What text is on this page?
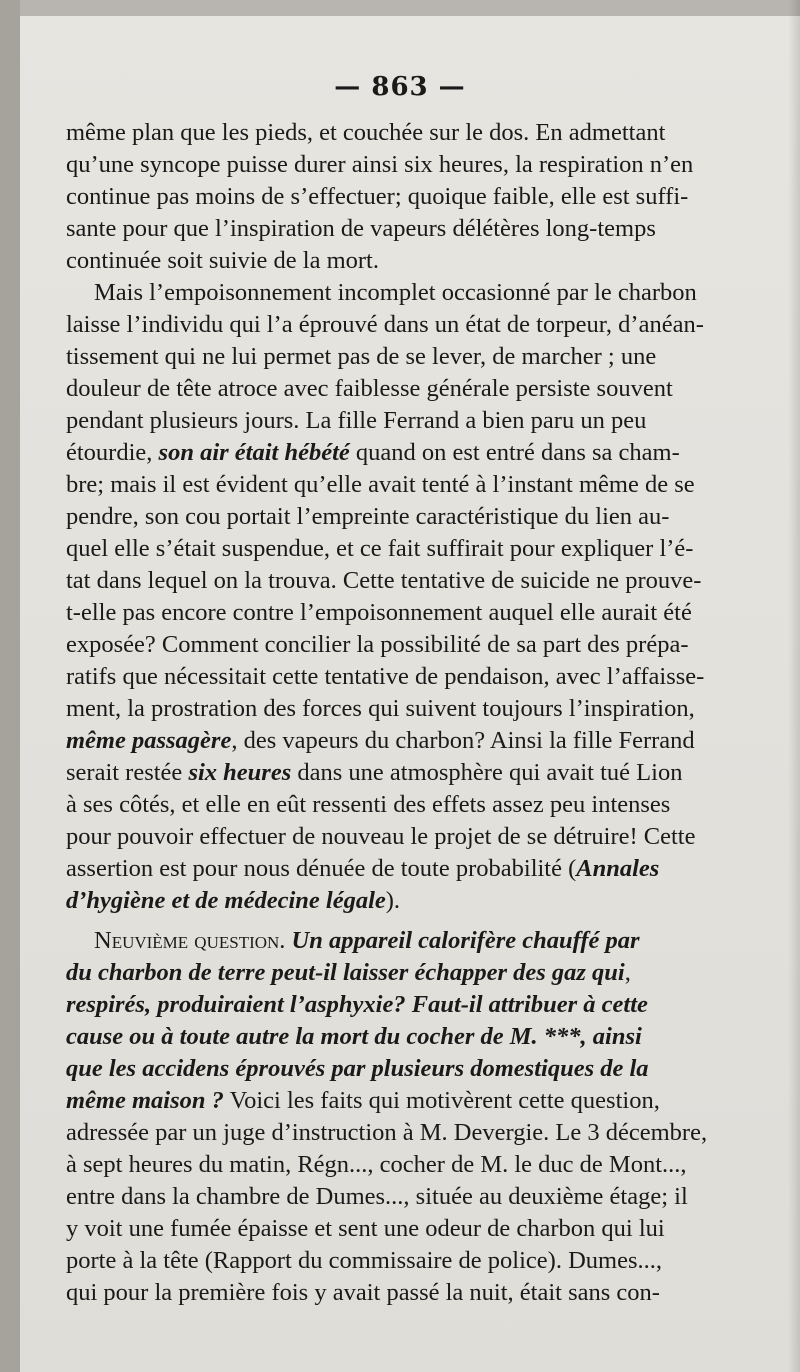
— 863 —
même plan que les pieds, et couchée sur le dos. En admettant
qu’une syncope puisse durer ainsi six heures, la respiration n’en
continue pas moins de s’effectuer; quoique faible, elle est suffi-
sante pour que l’inspiration de vapeurs délétères long-temps
continuée soit suivie de la mort.
Mais l’empoisonnement incomplet occasionné par le charbon
laisse l’individu qui l’a éprouvé dans un état de torpeur, d’anéan-
tissement qui ne lui permet pas de se lever, de marcher ; une
douleur de tête atroce avec faiblesse générale persiste souvent
pendant plusieurs jours. La fille Ferrand a bien paru un peu
étourdie, son air était hébété quand on est entré dans sa cham-
bre; mais il est évident qu’elle avait tenté à l’instant même de se
pendre, son cou portait l’empreinte caractéristique du lien au-
quel elle s’était suspendue, et ce fait suffirait pour expliquer l’é-
tat dans lequel on la trouva. Cette tentative de suicide ne prouve-
t-elle pas encore contre l’empoisonnement auquel elle aurait été
exposée? Comment concilier la possibilité de sa part des prépa-
ratifs que nécessitait cette tentative de pendaison, avec l’affaisse-
ment, la prostration des forces qui suivent toujours l’inspiration,
même passagère, des vapeurs du charbon? Ainsi la fille Ferrand
serait restée six heures dans une atmosphère qui avait tué Lion
à ses côtés, et elle en eût ressenti des effets assez peu intenses
pour pouvoir effectuer de nouveau le projet de se détruire! Cette
assertion est pour nous dénuée de toute probabilité (Annales
d’hygiène et de médecine légale).
Neuvième question. Un appareil calorifère chauffé par
du charbon de terre peut-il laisser échapper des gaz qui,
respirés, produiraient l’asphyxie? Faut-il attribuer à cette
cause ou à toute autre la mort du cocher de M. ***, ainsi
que les accidens éprouvés par plusieurs domestiques de la
même maison ? Voici les faits qui motivèrent cette question,
adressée par un juge d’instruction à M. Devergie. Le 3 décembre,
à sept heures du matin, Régn..., cocher de M. le duc de Mont...,
entre dans la chambre de Dumes..., située au deuxième étage; il
y voit une fumée épaisse et sent une odeur de charbon qui lui
porte à la tête (Rapport du commissaire de police). Dumes...,
qui pour la première fois y avait passé la nuit, était sans con-
